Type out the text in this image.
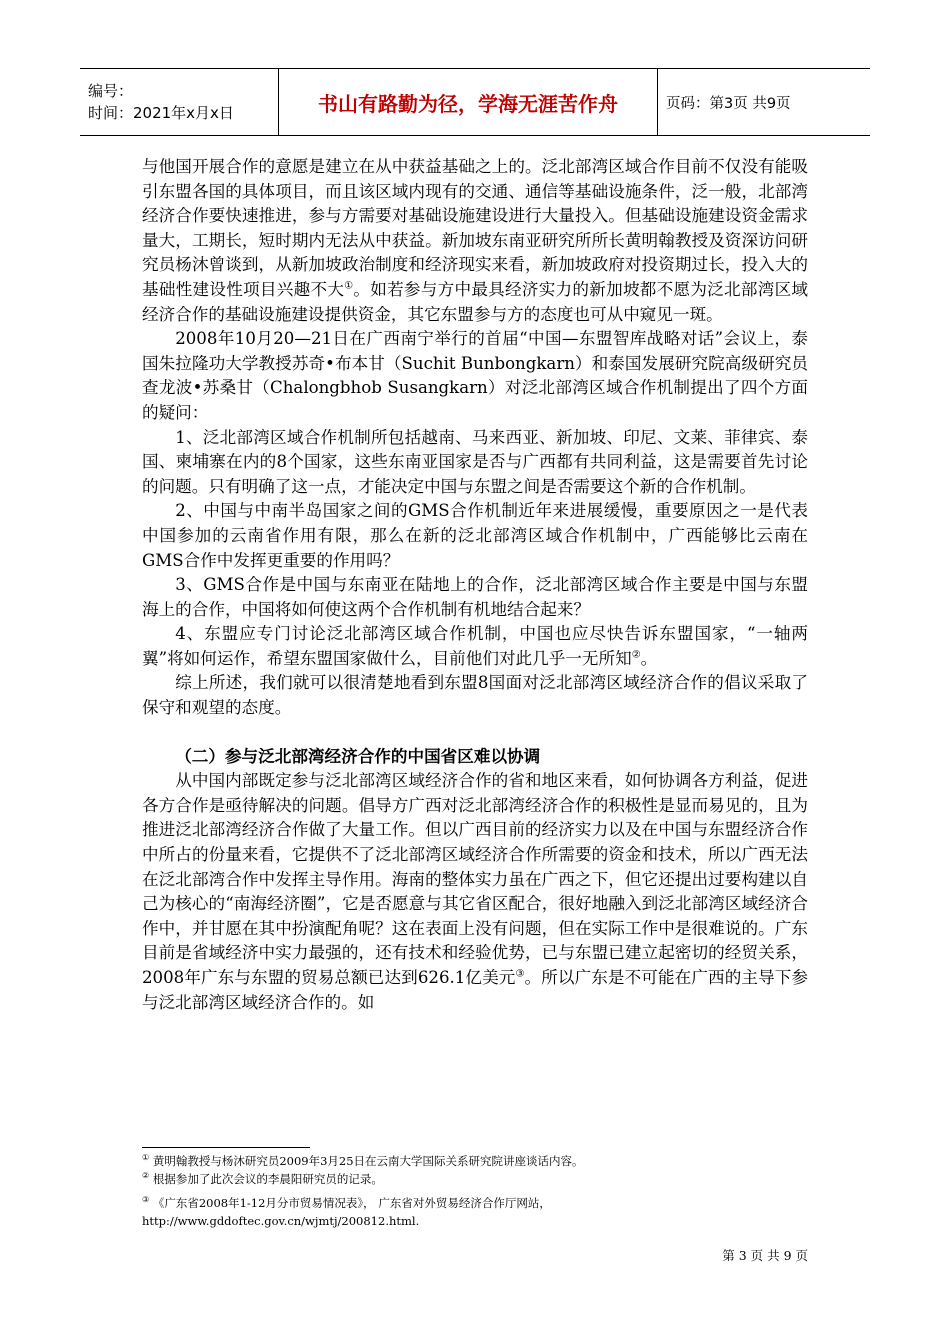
编号：
时间：2021年x月x日	书山有路勤为径，学海无涯苦作舟	页码：第3页 共9页

与他国开展合作的意愿是建立在从中获益基础之上的。泛北部湾区域合作目前不仅没有能吸引东盟各国的具体项目，而且该区域内现有的交通、通信等基础设施条件，泛一般，北部湾经济合作要快速推进，参与方需要对基础设施建设进行大量投入。但基础设施建设资金需求量大，工期长，短时期内无法从中获益。新加坡东南亚研究所所长黄明翰教授及资深访问研究员杨沐曾谈到，从新加坡政治制度和经济现实来看，新加坡政府对投资期过长，投入大的基础性建设性项目兴趣不大①。如若参与方中最具经济实力的新加坡都不愿为泛北部湾区域经济合作的基础设施建设提供资金，其它东盟参与方的态度也可从中窥见一斑。

2008年10月20—21日在广西南宁举行的首届“中国—东盟智库战略对话”会议上，泰国朱拉隆功大学教授苏奇•布本甘（Suchit Bunbongkarn）和泰国发展研究院高级研究员查龙波•苏桑甘（Chalongbhob Susangkarn）对泛北部湾区域合作机制提出了四个方面的疑问：

1、泛北部湾区域合作机制所包括越南、马来西亚、新加坡、印尼、文莱、菲律宾、泰国、柬埔寨在内的8个国家，这些东南亚国家是否与广西都有共同利益，这是需要首先讨论的问题。只有明确了这一点，才能决定中国与东盟之间是否需要这个新的合作机制。

2、中国与中南半岛国家之间的GMS合作机制近年来进展缓慢，重要原因之一是代表中国参加的云南省作用有限，那么在新的泛北部湾区域合作机制中，广西能够比云南在GMS合作中发挥更重要的作用吗？

3、GMS合作是中国与东南亚在陆地上的合作，泛北部湾区域合作主要是中国与东盟海上的合作，中国将如何使这两个合作机制有机地结合起来？

4、东盟应专门讨论泛北部湾区域合作机制，中国也应尽快告诉东盟国家，“一轴两翼”将如何运作，希望东盟国家做什么，目前他们对此几乎一无所知②。

综上所述，我们就可以很清楚地看到东盟8国面对泛北部湾区域经济合作的倡议采取了保守和观望的态度。

（二）参与泛北部湾经济合作的中国省区难以协调

从中国内部既定参与泛北部湾区域经济合作的省和地区来看，如何协调各方利益，促进各方合作是亟待解决的问题。倡导方广西对泛北部湾经济合作的积极性是显而易见的，且为推进泛北部湾经济合作做了大量工作。但以广西目前的经济实力以及在中国与东盟经济合作中所占的份量来看，它提供不了泛北部湾区域经济合作所需要的资金和技术，所以广西无法在泛北部湾合作中发挥主导作用。海南的整体实力虽在广西之下，但它还提出过要构建以自己为核心的“南海经济圈”，它是否愿意与其它省区配合，很好地融入到泛北部湾区域经济合作中，并甘愿在其中扮演配角呢？这在表面上没有问题，但在实际工作中是很难说的。广东目前是省域经济中实力最强的，还有技术和经验优势，已与东盟已建立起密切的经贸关系，2008年广东与东盟的贸易总额已达到626.1亿美元③。所以广东是不可能在广西的主导下参与泛北部湾区域经济合作的。如

① 黄明翰教授与杨沐研究员2009年3月25日在云南大学国际关系研究院讲座谈话内容。

② 根据参加了此次会议的李晨阳研究员的记录。

③ 《广东省2008年1-12月分市贸易情况表》， 广东省对外贸易经济合作厅网站，

http://www.gddoftec.gov.cn/wjmtj/200812.html.

第 3 页 共 9 页
